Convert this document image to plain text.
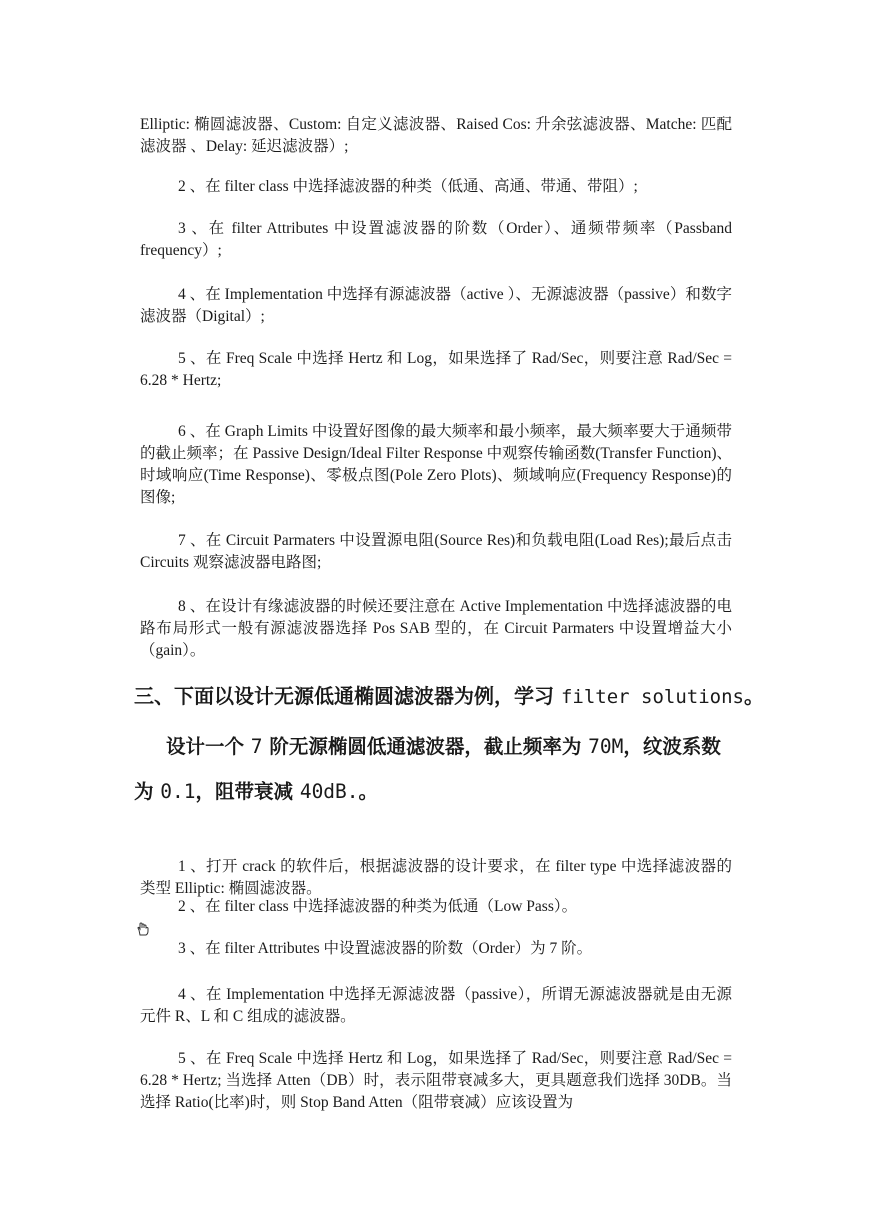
Elliptic: 椭圆滤波器、Custom: 自定义滤波器、Raised Cos: 升余弦滤波器、Matche: 匹配滤波器 、Delay: 延迟滤波器）;

2 、在 filter class 中选择滤波器的种类（低通、高通、带通、带阻）;

3 、在 filter Attributes 中设置滤波器的阶数（Order）、通频带频率（Passband frequency）;

4 、在 Implementation 中选择有源滤波器（active ）、无源滤波器（passive）和数字滤波器（Digital）;

5 、在 Freq Scale 中选择 Hertz 和 Log，如果选择了 Rad/Sec，则要注意 Rad/Sec = 6.28 * Hertz;

6 、在 Graph Limits 中设置好图像的最大频率和最小频率，最大频率要大于通频带的截止频率；在 Passive Design/Ideal Filter Response 中观察传输函数(Transfer Function)、时域响应(Time Response)、零极点图(Pole Zero Plots)、频域响应(Frequency Response)的图像;

7 、在 Circuit Parmaters 中设置源电阻(Source Res)和负载电阻(Load Res);最后点击 Circuits 观察滤波器电路图;

8 、在设计有缘滤波器的时候还要注意在 Active Implementation 中选择滤波器的电路布局形式一般有源滤波器选择 Pos SAB 型的，在 Circuit Parmaters 中设置增益大小（gain）。

三、下面以设计无源低通椭圆滤波器为例，学习 filter solutions。

设计一个 7 阶无源椭圆低通滤波器，截止频率为 70M，纹波系数

为 0.1，阻带衰减 40dB.。

1 、打开 crack 的软件后，根据滤波器的设计要求，在 filter type 中选择滤波器的类型 Elliptic: 椭圆滤波器。

2 、在 filter class 中选择滤波器的种类为低通（Low Pass）。

3 、在 filter Attributes 中设置滤波器的阶数（Order）为 7 阶。

4 、在 Implementation 中选择无源滤波器（passive），所谓无源滤波器就是由无源元件 R、L 和 C 组成的滤波器。

5 、在 Freq Scale 中选择 Hertz 和 Log，如果选择了 Rad/Sec，则要注意 Rad/Sec = 6.28 * Hertz; 当选择 Atten（DB）时，表示阻带衰减多大，更具题意我们选择 30DB。当选择 Ratio(比率)时，则 Stop Band Atten（阻带衰减）应该设置为
